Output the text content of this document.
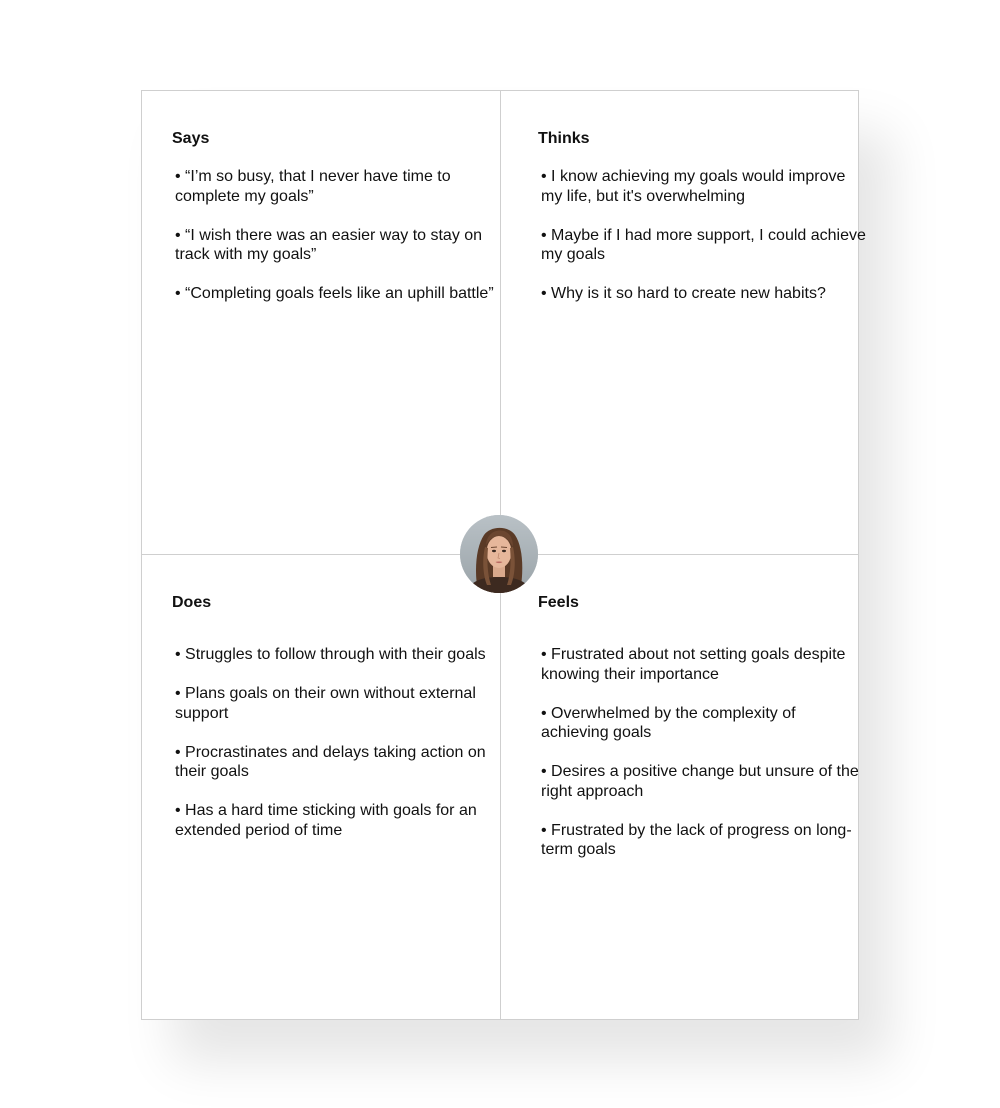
Says
• “I’m so busy, that I never have time to complete my goals”
• “I wish there was an easier way to stay on track with my goals”
• “Completing goals feels like an uphill battle”
Thinks
• I know achieving my goals would improve my life, but it's overwhelming
• Maybe if I had more support, I could achieve my goals
• Why is it so hard to create new habits?
Does
• Struggles to follow through with their goals
• Plans goals on their own without external support
• Procrastinates and delays taking action on their goals
• Has a hard time sticking with goals for an extended period of time
Feels
• Frustrated about not setting goals despite knowing their importance
• Overwhelmed by the complexity of achieving goals
• Desires a positive change but unsure of the right approach
• Frustrated by the lack of progress on long-term goals
